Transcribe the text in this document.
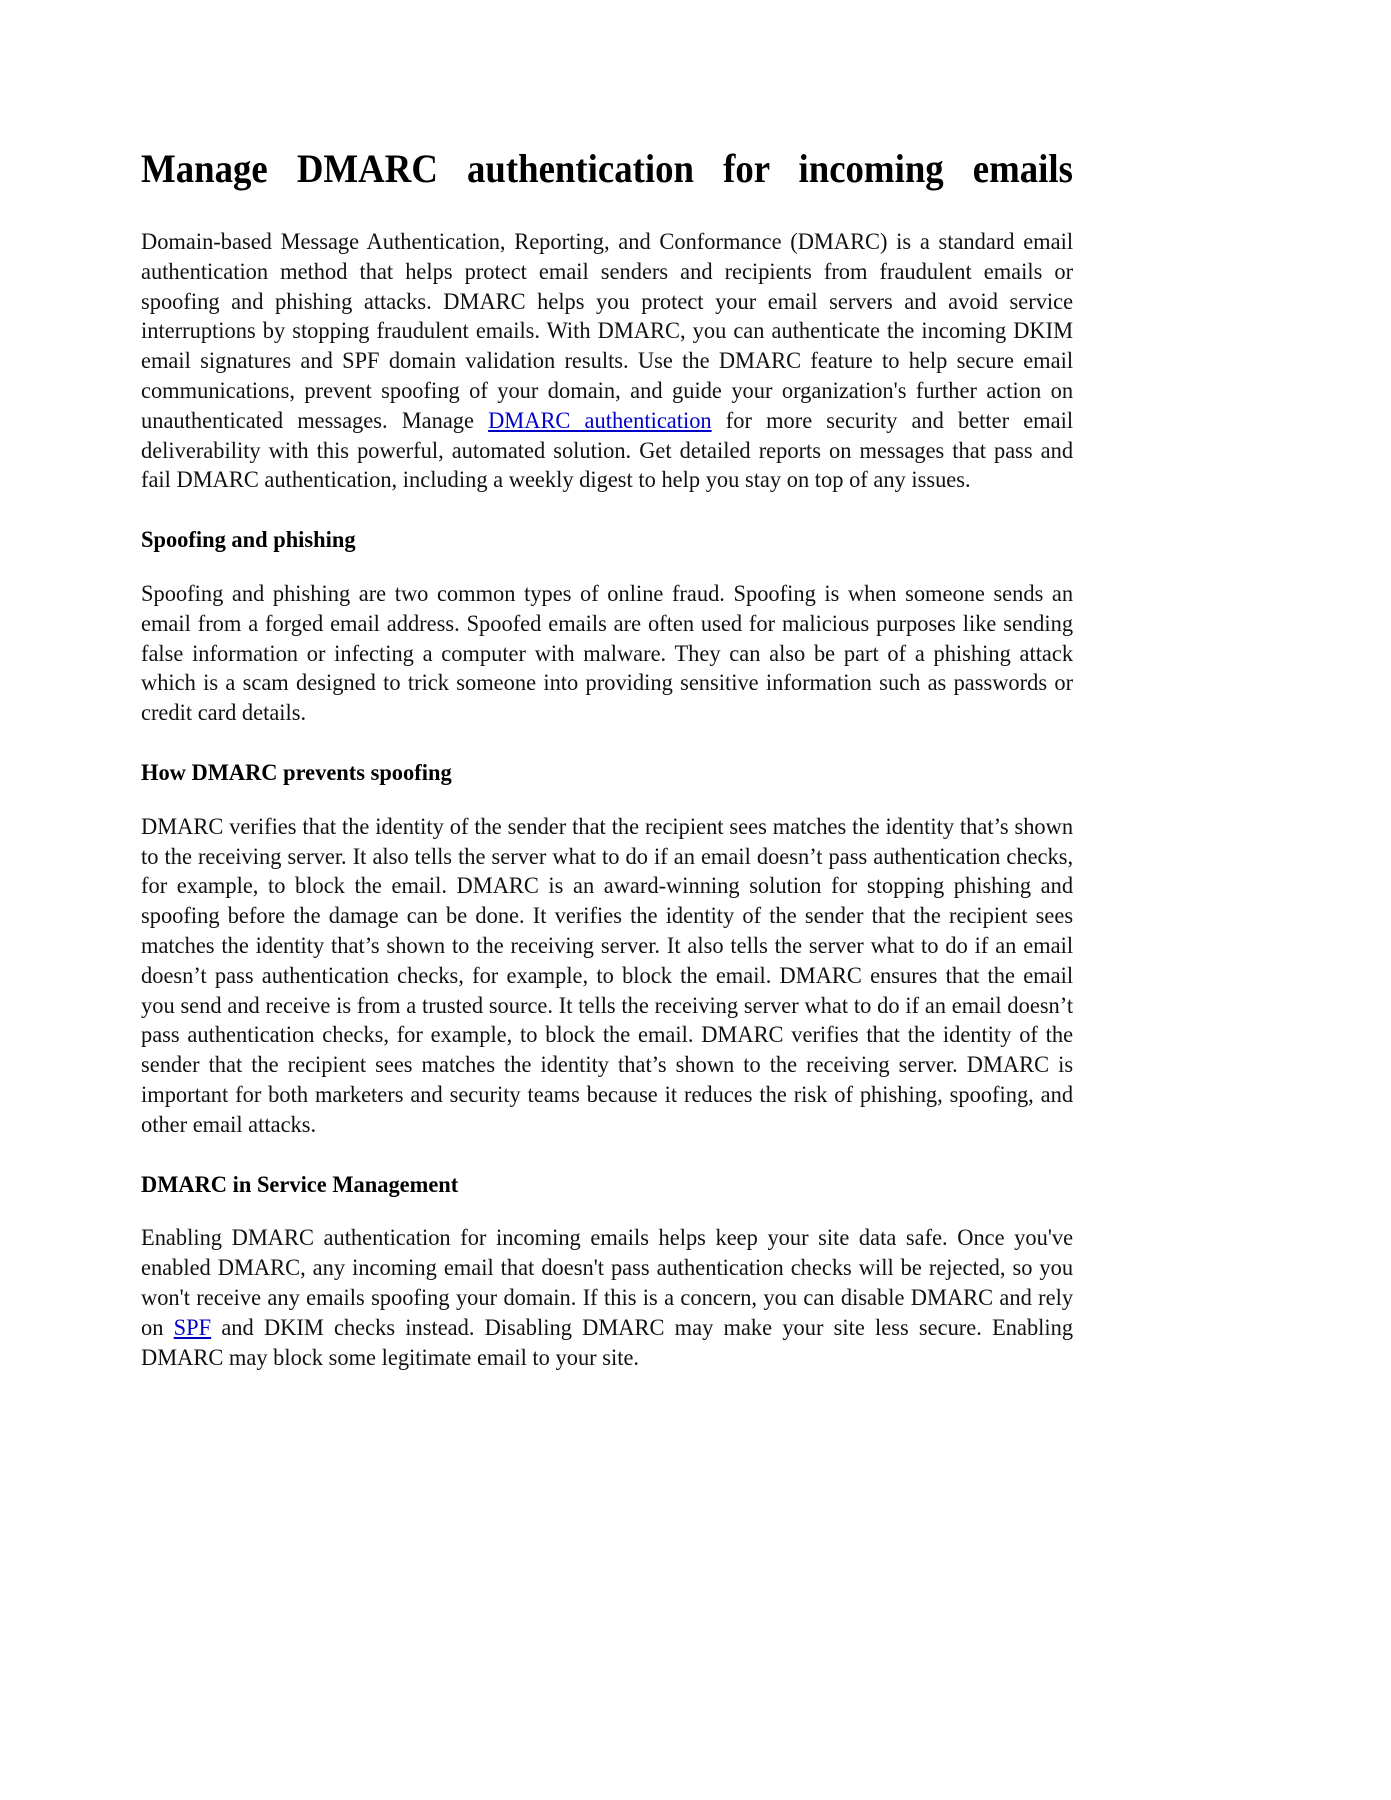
Manage DMARC authentication for incoming emails

Domain-based Message Authentication, Reporting, and Conformance (DMARC) is a standard email authentication method that helps protect email senders and recipients from fraudulent emails or spoofing and phishing attacks. DMARC helps you protect your email servers and avoid service interruptions by stopping fraudulent emails. With DMARC, you can authenticate the incoming DKIM email signatures and SPF domain validation results. Use the DMARC feature to help secure email communications, prevent spoofing of your domain, and guide your organization's further action on unauthenticated messages. Manage DMARC authentication for more security and better email deliverability with this powerful, automated solution. Get detailed reports on messages that pass and fail DMARC authentication, including a weekly digest to help you stay on top of any issues.

Spoofing and phishing

Spoofing and phishing are two common types of online fraud. Spoofing is when someone sends an email from a forged email address. Spoofed emails are often used for malicious purposes like sending false information or infecting a computer with malware. They can also be part of a phishing attack which is a scam designed to trick someone into providing sensitive information such as passwords or credit card details.

How DMARC prevents spoofing

DMARC verifies that the identity of the sender that the recipient sees matches the identity that’s shown to the receiving server. It also tells the server what to do if an email doesn’t pass authentication checks, for example, to block the email. DMARC is an award-winning solution for stopping phishing and spoofing before the damage can be done. It verifies the identity of the sender that the recipient sees matches the identity that’s shown to the receiving server. It also tells the server what to do if an email doesn’t pass authentication checks, for example, to block the email. DMARC ensures that the email you send and receive is from a trusted source. It tells the receiving server what to do if an email doesn’t pass authentication checks, for example, to block the email. DMARC verifies that the identity of the sender that the recipient sees matches the identity that’s shown to the receiving server. DMARC is important for both marketers and security teams because it reduces the risk of phishing, spoofing, and other email attacks.

DMARC in Service Management

Enabling DMARC authentication for incoming emails helps keep your site data safe. Once you've enabled DMARC, any incoming email that doesn't pass authentication checks will be rejected, so you won't receive any emails spoofing your domain. If this is a concern, you can disable DMARC and rely on SPF and DKIM checks instead. Disabling DMARC may make your site less secure. Enabling DMARC may block some legitimate email to your site.
